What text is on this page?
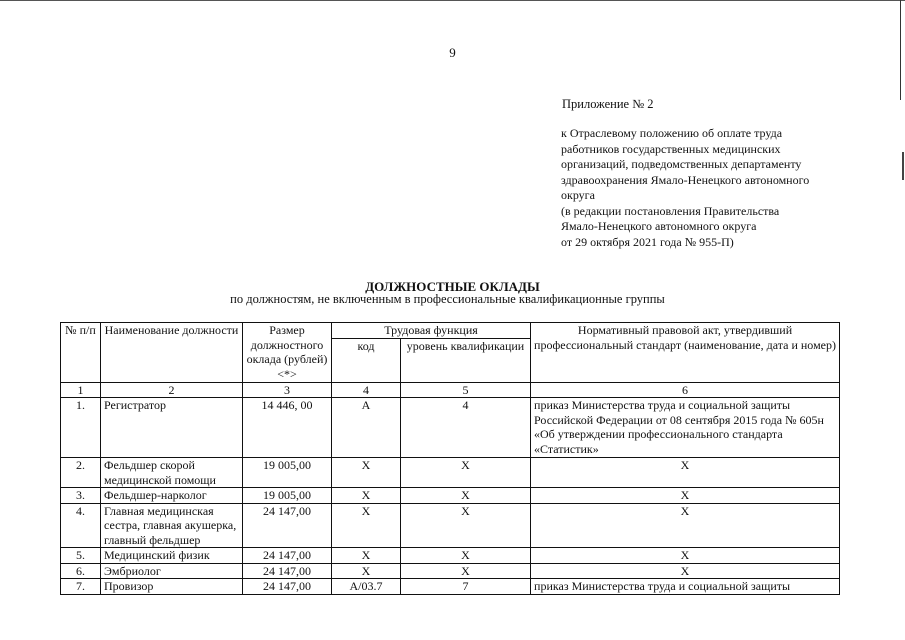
9
Приложение № 2
к Отраслевому положению об оплате труда
работников государственных медицинских
организаций, подведомственных департаменту
здравоохранения Ямало-Ненецкого автономного
округа
(в редакции постановления Правительства
Ямало-Ненецкого автономного округа
от 29 октября 2021 года № 955-П)
ДОЛЖНОСТНЫЕ ОКЛАДЫ
по должностям, не включенным в профессиональные квалификационные группы
№ п/п	Наименование должности	Размер должностного оклада (рублей) <*>	Трудовая функция		Нормативный правовой акт, утвердивший профессиональный стандарт (наименование, дата и номер)
			код	уровень квалификации	
1	2	3	4	5	6
1.	Регистратор	14 446, 00	А	4	приказ Министерства труда и социальной защиты Российской Федерации от 08 сентября 2015 года № 605н «Об утверждении профессионального стандарта «Статистик»
2.	Фельдшер скорой медицинской помощи	19 005,00	Х	Х	Х
3.	Фельдшер-нарколог	19 005,00	Х	Х	Х
4.	Главная медицинская сестра, главная акушерка, главный фельдшер	24 147,00	Х	Х	Х
5.	Медицинский физик	24 147,00	Х	Х	Х
6.	Эмбриолог	24 147,00	Х	Х	Х
7.	Провизор	24 147,00	А/03.7	7	приказ Министерства труда и социальной защиты
